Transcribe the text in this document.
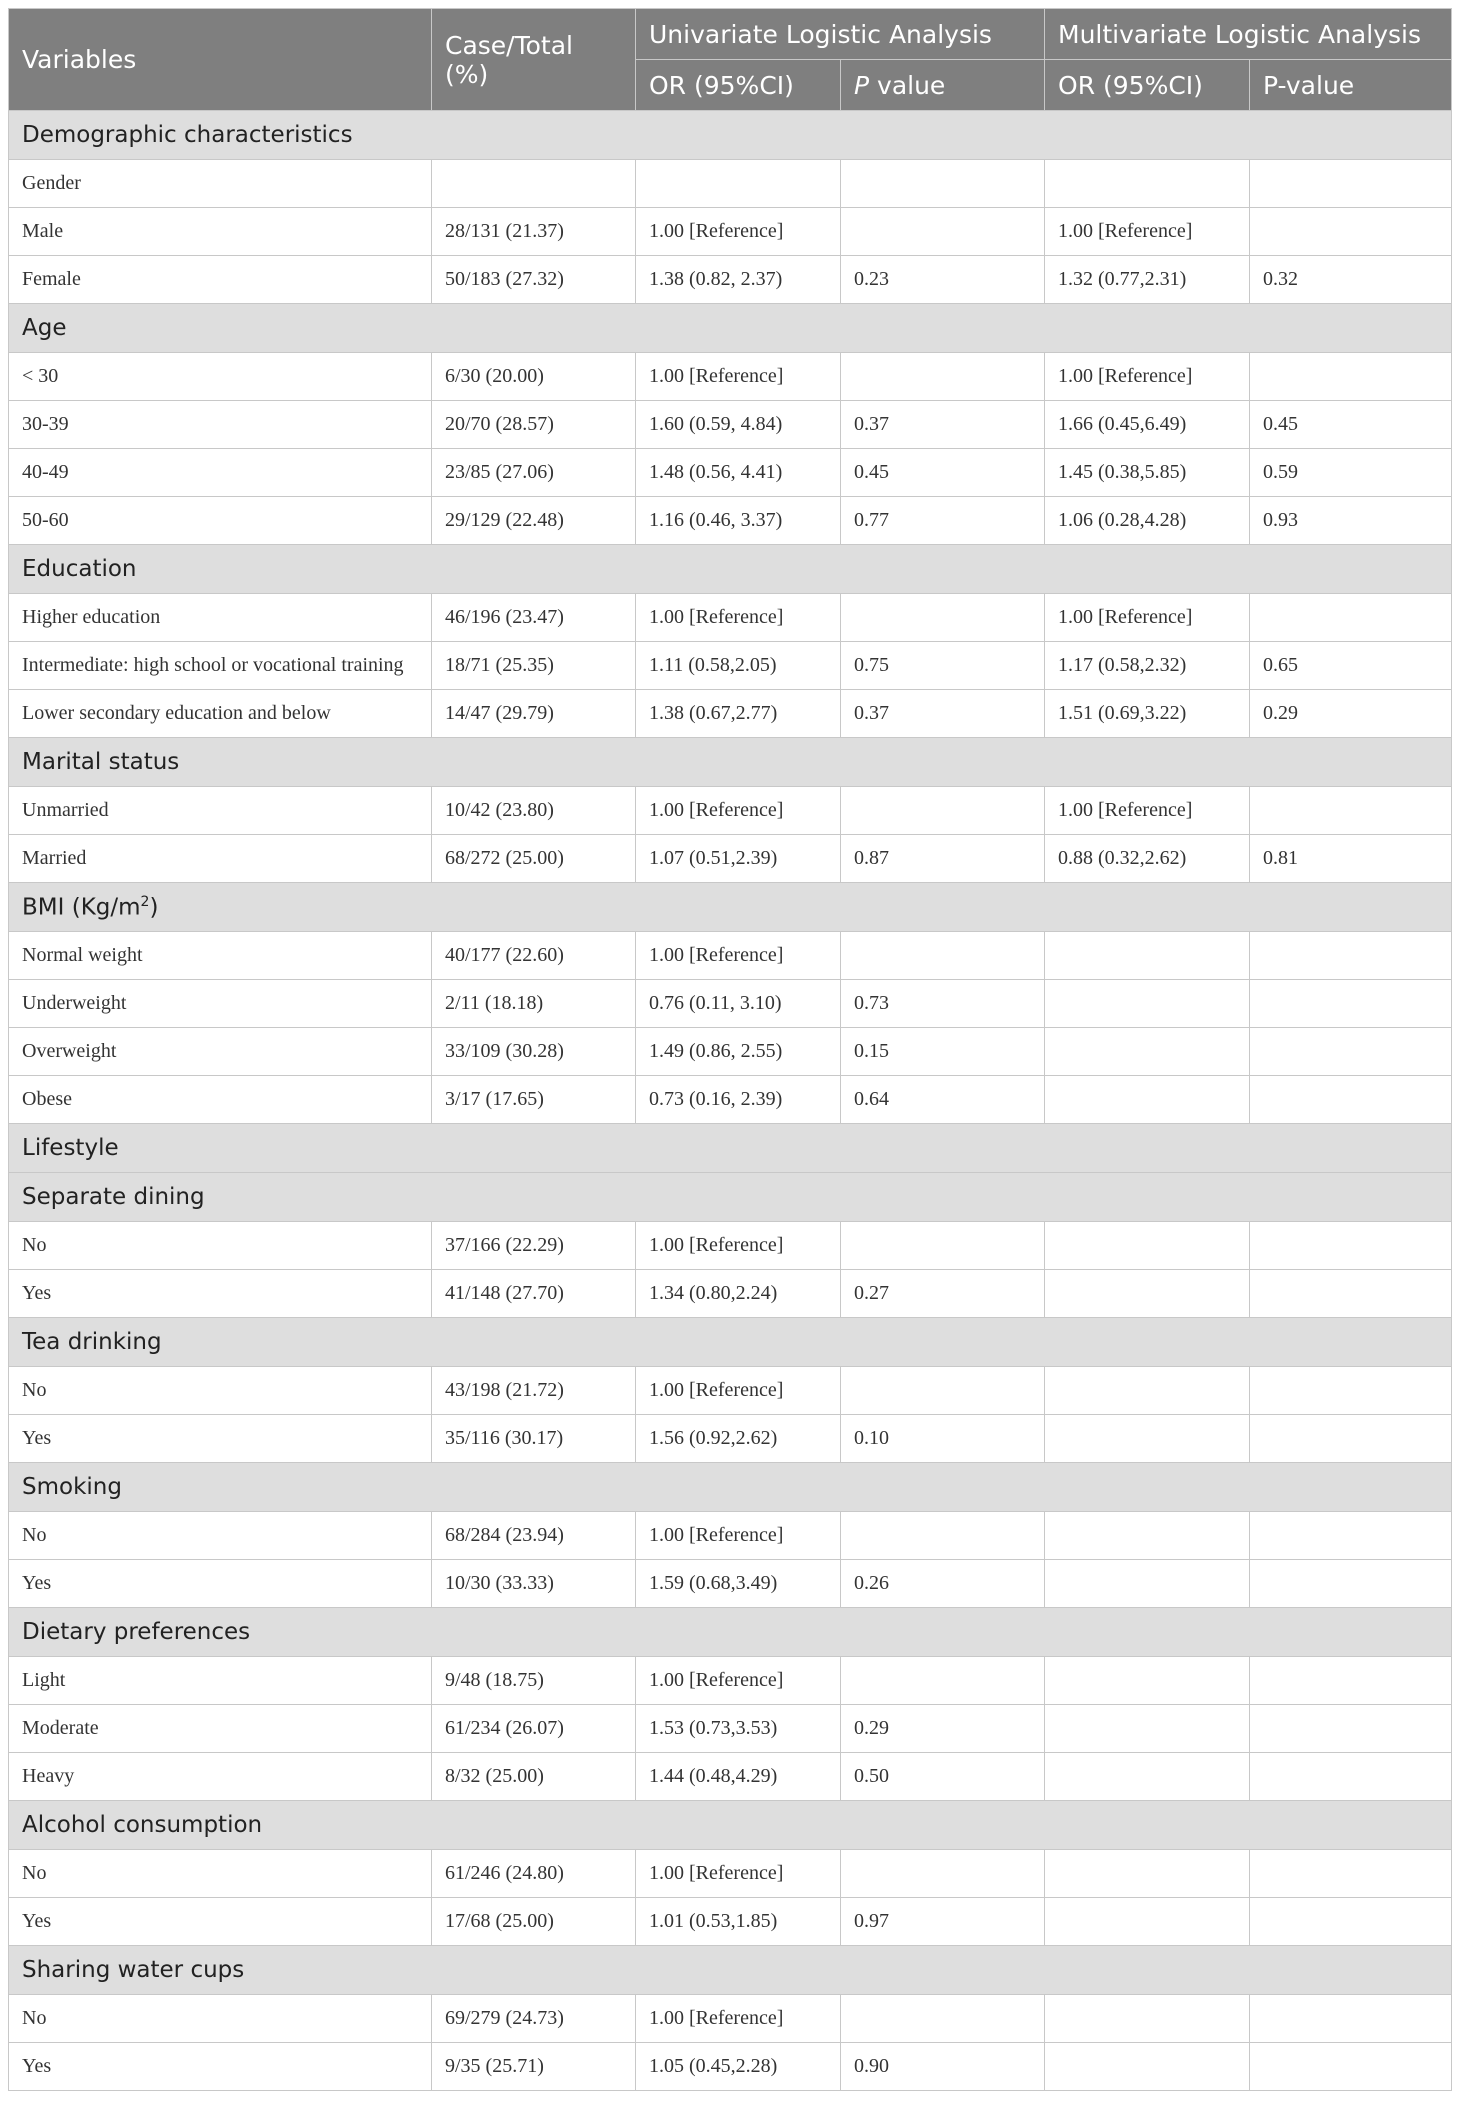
Variables	Case/Total (%)	Univariate Logistic Analysis		Multivariate Logistic Analysis	
		OR (95%CI)	P value	OR (95%CI)	P-value
Demographic characteristics					
Gender					
Male	28/131 (21.37)	1.00 [Reference]		1.00 [Reference]	
Female	50/183 (27.32)	1.38 (0.82, 2.37)	0.23	1.32 (0.77,2.31)	0.32
Age					
< 30	6/30 (20.00)	1.00 [Reference]		1.00 [Reference]	
30-39	20/70 (28.57)	1.60 (0.59, 4.84)	0.37	1.66 (0.45,6.49)	0.45
40-49	23/85 (27.06)	1.48 (0.56, 4.41)	0.45	1.45 (0.38,5.85)	0.59
50-60	29/129 (22.48)	1.16 (0.46, 3.37)	0.77	1.06 (0.28,4.28)	0.93
Education					
Higher education	46/196 (23.47)	1.00 [Reference]		1.00 [Reference]	
Intermediate: high school or vocational training	18/71 (25.35)	1.11 (0.58,2.05)	0.75	1.17 (0.58,2.32)	0.65
Lower secondary education and below	14/47 (29.79)	1.38 (0.67,2.77)	0.37	1.51 (0.69,3.22)	0.29
Marital status					
Unmarried	10/42 (23.80)	1.00 [Reference]		1.00 [Reference]	
Married	68/272 (25.00)	1.07 (0.51,2.39)	0.87	0.88 (0.32,2.62)	0.81
BMI $(Kg/m^2)$					
Normal weight	40/177 (22.60)	1.00 [Reference]			
Underweight	2/11 (18.18)	0.76 (0.11, 3.10)	0.73		
Overweight	33/109 (30.28)	1.49 (0.86, 2.55)	0.15		
Obese	3/17 (17.65)	0.73 (0.16, 2.39)	0.64		
Lifestyle					
Separate dining					
No	37/166 (22.29)	1.00 [Reference]			
Yes	41/148 (27.70)	1.34 (0.80,2.24)	0.27		
Tea drinking					
No	43/198 (21.72)	1.00 [Reference]			
Yes	35/116 (30.17)	1.56 (0.92,2.62)	0.10		
Smoking					
No	68/284 (23.94)	1.00 [Reference]			
Yes	10/30 (33.33)	1.59 (0.68,3.49)	0.26		
Dietary preferences					
Light	9/48 (18.75)	1.00 [Reference]			
Moderate	61/234 (26.07)	1.53 (0.73,3.53)	0.29		
Heavy	8/32 (25.00)	1.44 (0.48,4.29)	0.50		
Alcohol consumption					
No	61/246 (24.80)	1.00 [Reference]			
Yes	17/68 (25.00)	1.01 (0.53,1.85)	0.97		
Sharing water cups					
No	69/279 (24.73)	1.00 [Reference]			
Yes	9/35 (25.71)	1.05 (0.45,2.28)	0.90		
